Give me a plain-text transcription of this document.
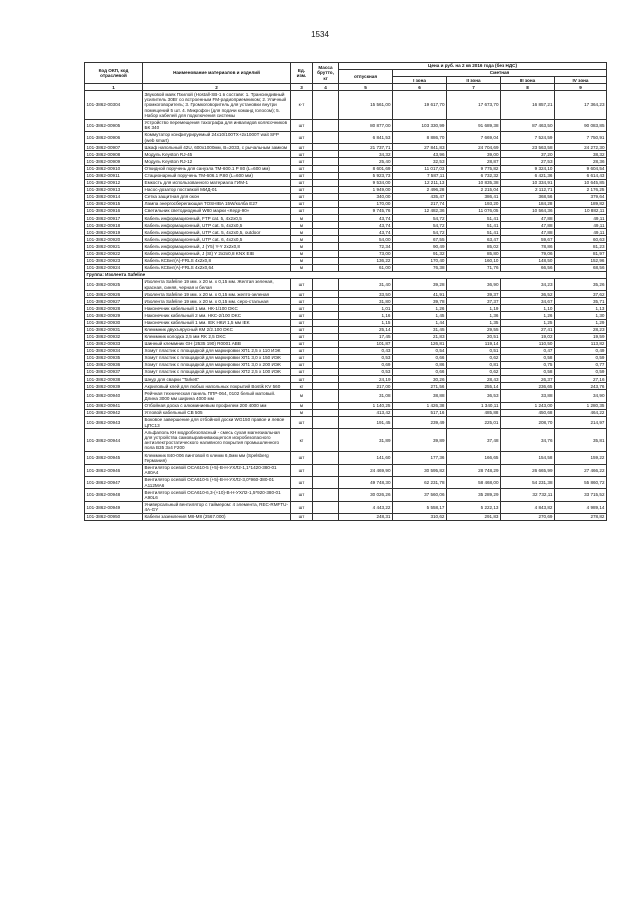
1534
Код ОКП, код отраслевой	Наименование материалов и изделий	Ед. изм.	Масса брутто, кг	Цена и руб. на 2 кв 2016 года (без НДС)				
				отпускная	Сметная			
					I зона	II зона	III зона	IV зона
1	2	3	4	5	6	7	8	9
101-3862-00304	Звуковой маяк Пхилой (Hostall-SB-1 в составе: 1. Трансиндивный усилитель 30Вт со встроенным FM-радиоприемником; 2. Уличный громкоговоритель; 3. Громкоговоритель для установки внутри помещений 5 шт. 4. Микрофон (для подачи команд голосом); 5. Набор кабелей для подключения системы	к-т		15 561,00	19 617,70	17 673,70	16 857,21	17 364,23
101-3862-00905	Устройство перемещения тахографа для инвалидов колясочников БК 340	шт		80 877,00	103 330,99	91 689,38	87 463,50	90 083,85
101-3862-00906	Коммутатор конфигурируемый 24х10/100TX+2x1000T wait SFP (web smart)	шт		6 841,53	8 886,70	7 669,04	7 524,59	7 750,91
101-3862-00907	Шкаф напольный 42U, 600х1000мм, В=2033, с рычальным замком	шт		21 737,71	27 841,83	24 704,69	23 563,58	24 272,30
101-3862-00908	Модуль Keyston RJ-45	шт		34,32	43,96	39,00	37,20	38,32
101-3862-00909	Модуль Keyston RJ-12	шт		25,40	32,53	28,87	27,53	28,36
101-3862-00910	Откидной поручень для санузла ТМ-600.1 Р 80 (L=600 мм)	шт		8 601,69	11 017,03	9 775,82	9 324,10	9 604,54
101-3862-00911	Стационарный поручень ТМ-606.1 Р.80 (L=600 мм)	шт		5 923,73	7 587,11	6 732,32	6 421,36	6 614,43
101-3862-00912	Емкость для использованного материала ГИМ-1	шт		9 534,00	12 211,13	10 835,38	10 334,91	10 645,85
101-3862-00913	Насос-дозатор поставкой МИД-01	шт		1 949,00	2 496,28	2 215,04	2 112,71	2 176,25
101-3862-00914	Сетка защитная для окон	шт		340,00	435,47	386,41	368,56	379,64
101-3862-00915	Лампа энергосберегающая TOSHIBA 15W/колба E27	шт		170,00	217,74	193,20	184,28	189,82
101-3862-00916	Светильник светодиодный W80 марки «Кедр-90»	шт		9 745,76	12 482,36	11 076,05	10 564,36	10 882,11
101-3862-00917	Кабель информационный, FTP cat. 5, 4x2x0,5	м		43,74	54,72	51,41	47,88	49,11
101-3862-00918	Кабель информационный, UTP cat. 5, 4x2x0,5	м		43,74	54,72	51,41	47,88	49,11
101-3862-00919	Кабель информационный, UTP cat. 5, 4x2x0,5, outdoor	м		43,74	54,72	51,41	47,88	49,11
101-3862-00920	Кабель информационный, UTP cat. 6, 4x2x0,5	м		54,00	67,55	63,47	59,67	60,63
101-3862-00921	Кабель информационный, J (Y5) Y-Y 2x2x0,8	м		72,34	90,49	85,02	78,86	81,23
101-3862-00922	Кабель информационный, J (St) Y 2x2x0,8 KNX EIB	м		73,00	91,32	85,80	79,06	81,97
101-3862-00923	Кабель КСБнг(А)-FRLS 4x2x0,8	м		136,22	170,40	160,10	148,50	152,96
101-3862-00924	Кабель КСБнг(А)-FRLS 4x2x0,64	м		61,00	76,38	71,76	66,56	68,56
Группа: Изолента Safeline								
101-3862-00925	Изолента Safeline 19 мм. х 20 м. х 0,15 мм. Желтая зеленая, красная, синяя, черная и белая	шт		31,40	39,28	36,90	34,23	35,26
101-3862-00926	Изолента Safeline 19 мм. х 20 м. х 0,15 мм. желто-зеленая	шт		33,50	41,91	39,37	36,52	37,62
101-3862-00927	Изолента Safeline 19 мм. х 20 м. х 0,15 мм. серо-стальная	шт		31,80	39,78	37,37	34,67	35,71
101-3862-00928	Наконечник кабельный 1 мм. НК-1/100 DKC	шт		1,01	1,26	1,19	1,10	1,13
101-3862-00929	Наконечник кабельный 2 мм. НКС-2/100 DKC	шт		1,16	1,45	1,36	1,26	1,30
101-3862-00930	Наконечник кабельный 1 мм. IEK НКИ 1,5 мм IEK	шт		1,15	1,44	1,35	1,25	1,29
101-3862-00931	Клеммник двухъярусный КМ 2/2.100 DKC	шт		25,14	31,45	29,55	27,41	28,23
101-3862-00932	Клеммник колодка 2,5 мм RK 2,5 DKC	шт		17,45	21,83	20,51	19,02	19,59
101-3862-00933	Шинный клеммник GH (2535 190) R0001 ABB	шт		101,87	126,81	119,14	110,50	113,82
101-3862-00934	Хомут пластик с площадкой для маркировки ХП1 2,5 x 110 ИЭК	шт		0,43	0,54	0,51	0,47	0,49
101-3862-00935	Хомут пластик с площадкой для маркировки ХП1 3,0 x 150 ИЭК	шт		0,53	0,66	0,62	0,58	0,59
101-3862-00936	Хомут пластик с площадкой для маркировки ХП1 3,0 x 200 ИЭК	шт		0,69	0,86	0,81	0,75	0,77
101-3862-00937	Хомут пластик с площадкой для маркировки ХП2 2,5 x 100 ИЭК	шт		0,53	0,66	0,62	0,58	0,59
101-3862-00938	Шнур для сварки "Tarkett"	шт		24,19	30,26	28,43	26,37	27,16
101-3862-00939	Акриловый клей для любых напольных покрытий Bostik KV 560	кг		217,00	271,56	255,14	236,65	243,76
101-3862-00940	Рейчная техническая панель ППР-064, 0102 белый матовый. Длина 3000 мм ширина 4000 мм	м		31,08	38,88	36,53	33,88	34,90
101-3862-00941	Отбойная доска с алюминиевым профилем 200 4000 мм	м		1 140,25	1 426,38	1 340,11	1 243,00	1 280,35
101-3862-00942	Угловой кабельный СВ 505	м		413,42	517,16	485,88	450,68	464,22
101-3862-00943	Боковое завершение для отбойной доски WG150 правое и левое ЦПС13	шт		191,45	239,49	225,01	208,70	214,97
101-3862-00944	Альфаполь КН модробезопасный - смесь сухая магнезиальная для устройства самовыравнивающегося искробезопасного антиэлектростатического наливного покрытия промышленного пола В35 3x4 F200	кг		31,89	39,89	37,48	34,76	35,81
101-3862-00945	Клеммник 840-006 винтовой 6 клемм 6,0мм мм (Spelsberg Германия)	шт		141,60	177,36	166,65	154,58	159,22
101-3862-00946	Вентилятор осевой ОСА610-5 (+5)-В-Н-УХЛ2-1,1*1420-380-01 А80А4	шт		24 469,90	30 595,82	28 748,29	26 665,99	27 466,22
101-3862-00947	Вентилятор осевой ОСА610-5 (+5)-В-Н-УХЛ2-3,0*960-380-01 А112МА6	шт		49 748,30	62 231,78	58 468,00	54 231,38	55 860,72
101-3862-00948	Вентилятор осевой ОСА610-6,3-(+10)-В-Н-УХЛ2-1,5*920-380-01 А90L6	шт		30 026,26	37 560,06	35 289,29	32 732,11	33 715,52
101-3862-00949	Универсальный вентилятор с таймером: 4 элемента, REC-RMFTU-4A-GY	шт		4 443,22	5 558,17	5 222,13	4 843,82	4 989,14
101-3862-00950	Кабели заземления М8-М8 (2567.000)	шт		248,31	310,62	291,83	270,69	278,82
